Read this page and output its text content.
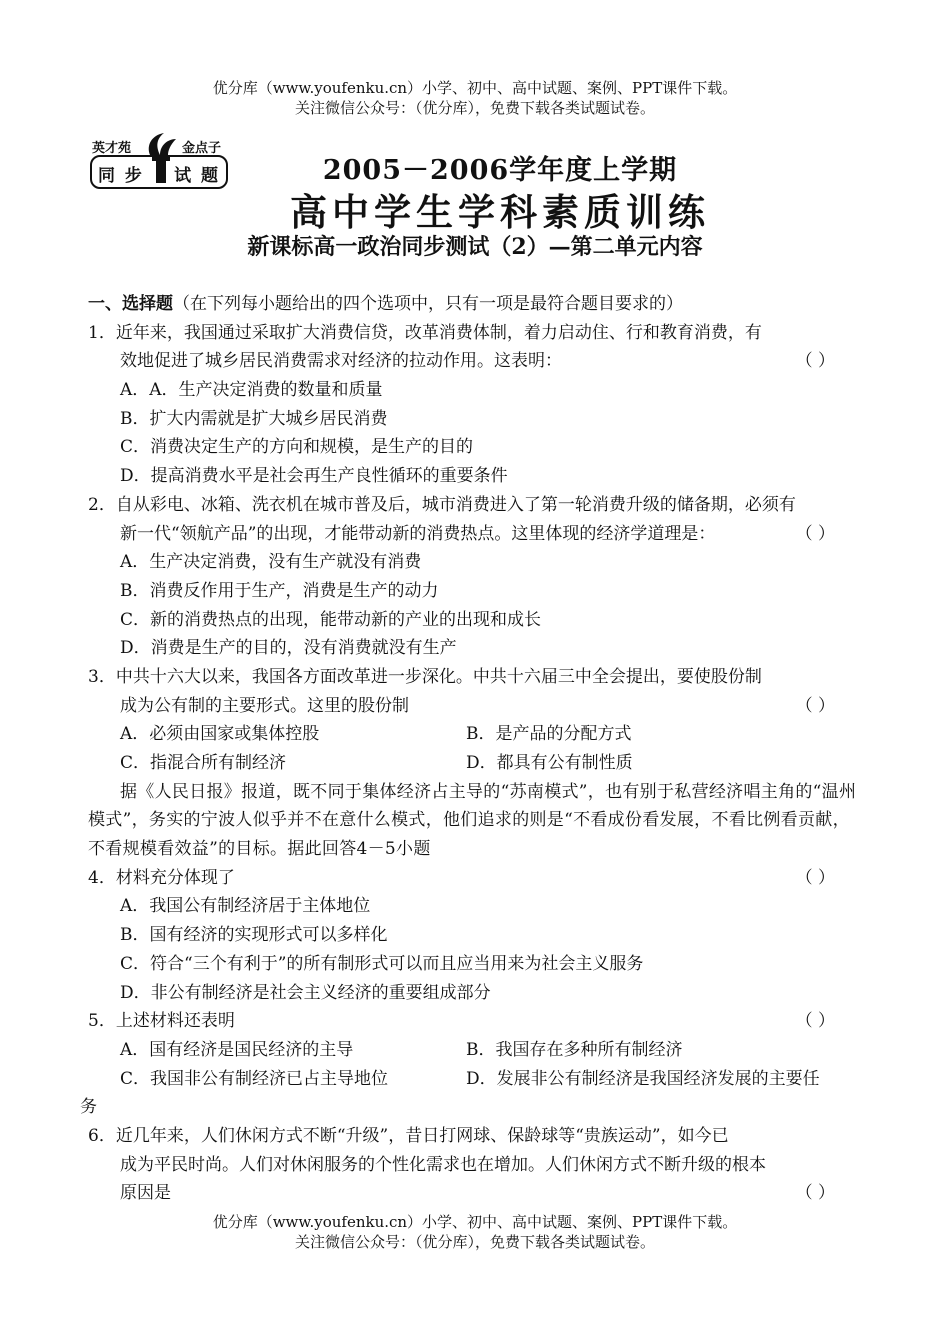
优分库（www.youfenku.cn）小学、初中、高中试题、案例、PPT课件下载。
关注微信公众号：（优分库），免费下载各类试题试卷。
英才苑	金点子
同 步 试 题	2005－2006学年度上学期
高中学生学科素质训练
新课标高一政治同步测试（2）—第二单元内容
一、选择题（在下列每小题给出的四个选项中，只有一项是最符合题目要求的）
1．近年来，我国通过采取扩大消费信贷，改革消费体制，着力启动住、行和教育消费，有
效地促进了城乡居民消费需求对经济的拉动作用。这表明：	（ ）
A．A．生产决定消费的数量和质量
B．扩大内需就是扩大城乡居民消费
C．消费决定生产的方向和规模，是生产的目的
D．提高消费水平是社会再生产良性循环的重要条件
2．自从彩电、冰箱、洗衣机在城市普及后，城市消费进入了第一轮消费升级的储备期，必须有
新一代“领航产品”的出现，才能带动新的消费热点。这里体现的经济学道理是：	（ ）
A．生产决定消费，没有生产就没有消费
B．消费反作用于生产，消费是生产的动力
C．新的消费热点的出现，能带动新的产业的出现和成长
D．消费是生产的目的，没有消费就没有生产
3．中共十六大以来，我国各方面改革进一步深化。中共十六届三中全会提出，要使股份制
成为公有制的主要形式。这里的股份制	（ ）
A．必须由国家或集体控股	B．是产品的分配方式
C．指混合所有制经济	D．都具有公有制性质
据《人民日报》报道，既不同于集体经济占主导的“苏南模式”，也有别于私营经济唱主角的“温州模式”，务实的宁波人似乎并不在意什么模式，他们追求的则是“不看成份看发展，不看比例看贡献，不看规模看效益”的目标。据此回答4－5小题
4．材料充分体现了	（ ）
A．我国公有制经济居于主体地位
B．国有经济的实现形式可以多样化
C．符合“三个有利于”的所有制形式可以而且应当用来为社会主义服务
D．非公有制经济是社会主义经济的重要组成部分
5．上述材料还表明	（ ）
A．国有经济是国民经济的主导	B．我国存在多种所有制经济
C．我国非公有制经济已占主导地位	D．发展非公有制经济是我国经济发展的主要任
务
6．近几年来，人们休闲方式不断“升级”，昔日打网球、保龄球等“贵族运动”，如今已
成为平民时尚。人们对休闲服务的个性化需求也在增加。人们休闲方式不断升级的根本
原因是	（ ）
优分库（www.youfenku.cn）小学、初中、高中试题、案例、PPT课件下载。
关注微信公众号：（优分库），免费下载各类试题试卷。
